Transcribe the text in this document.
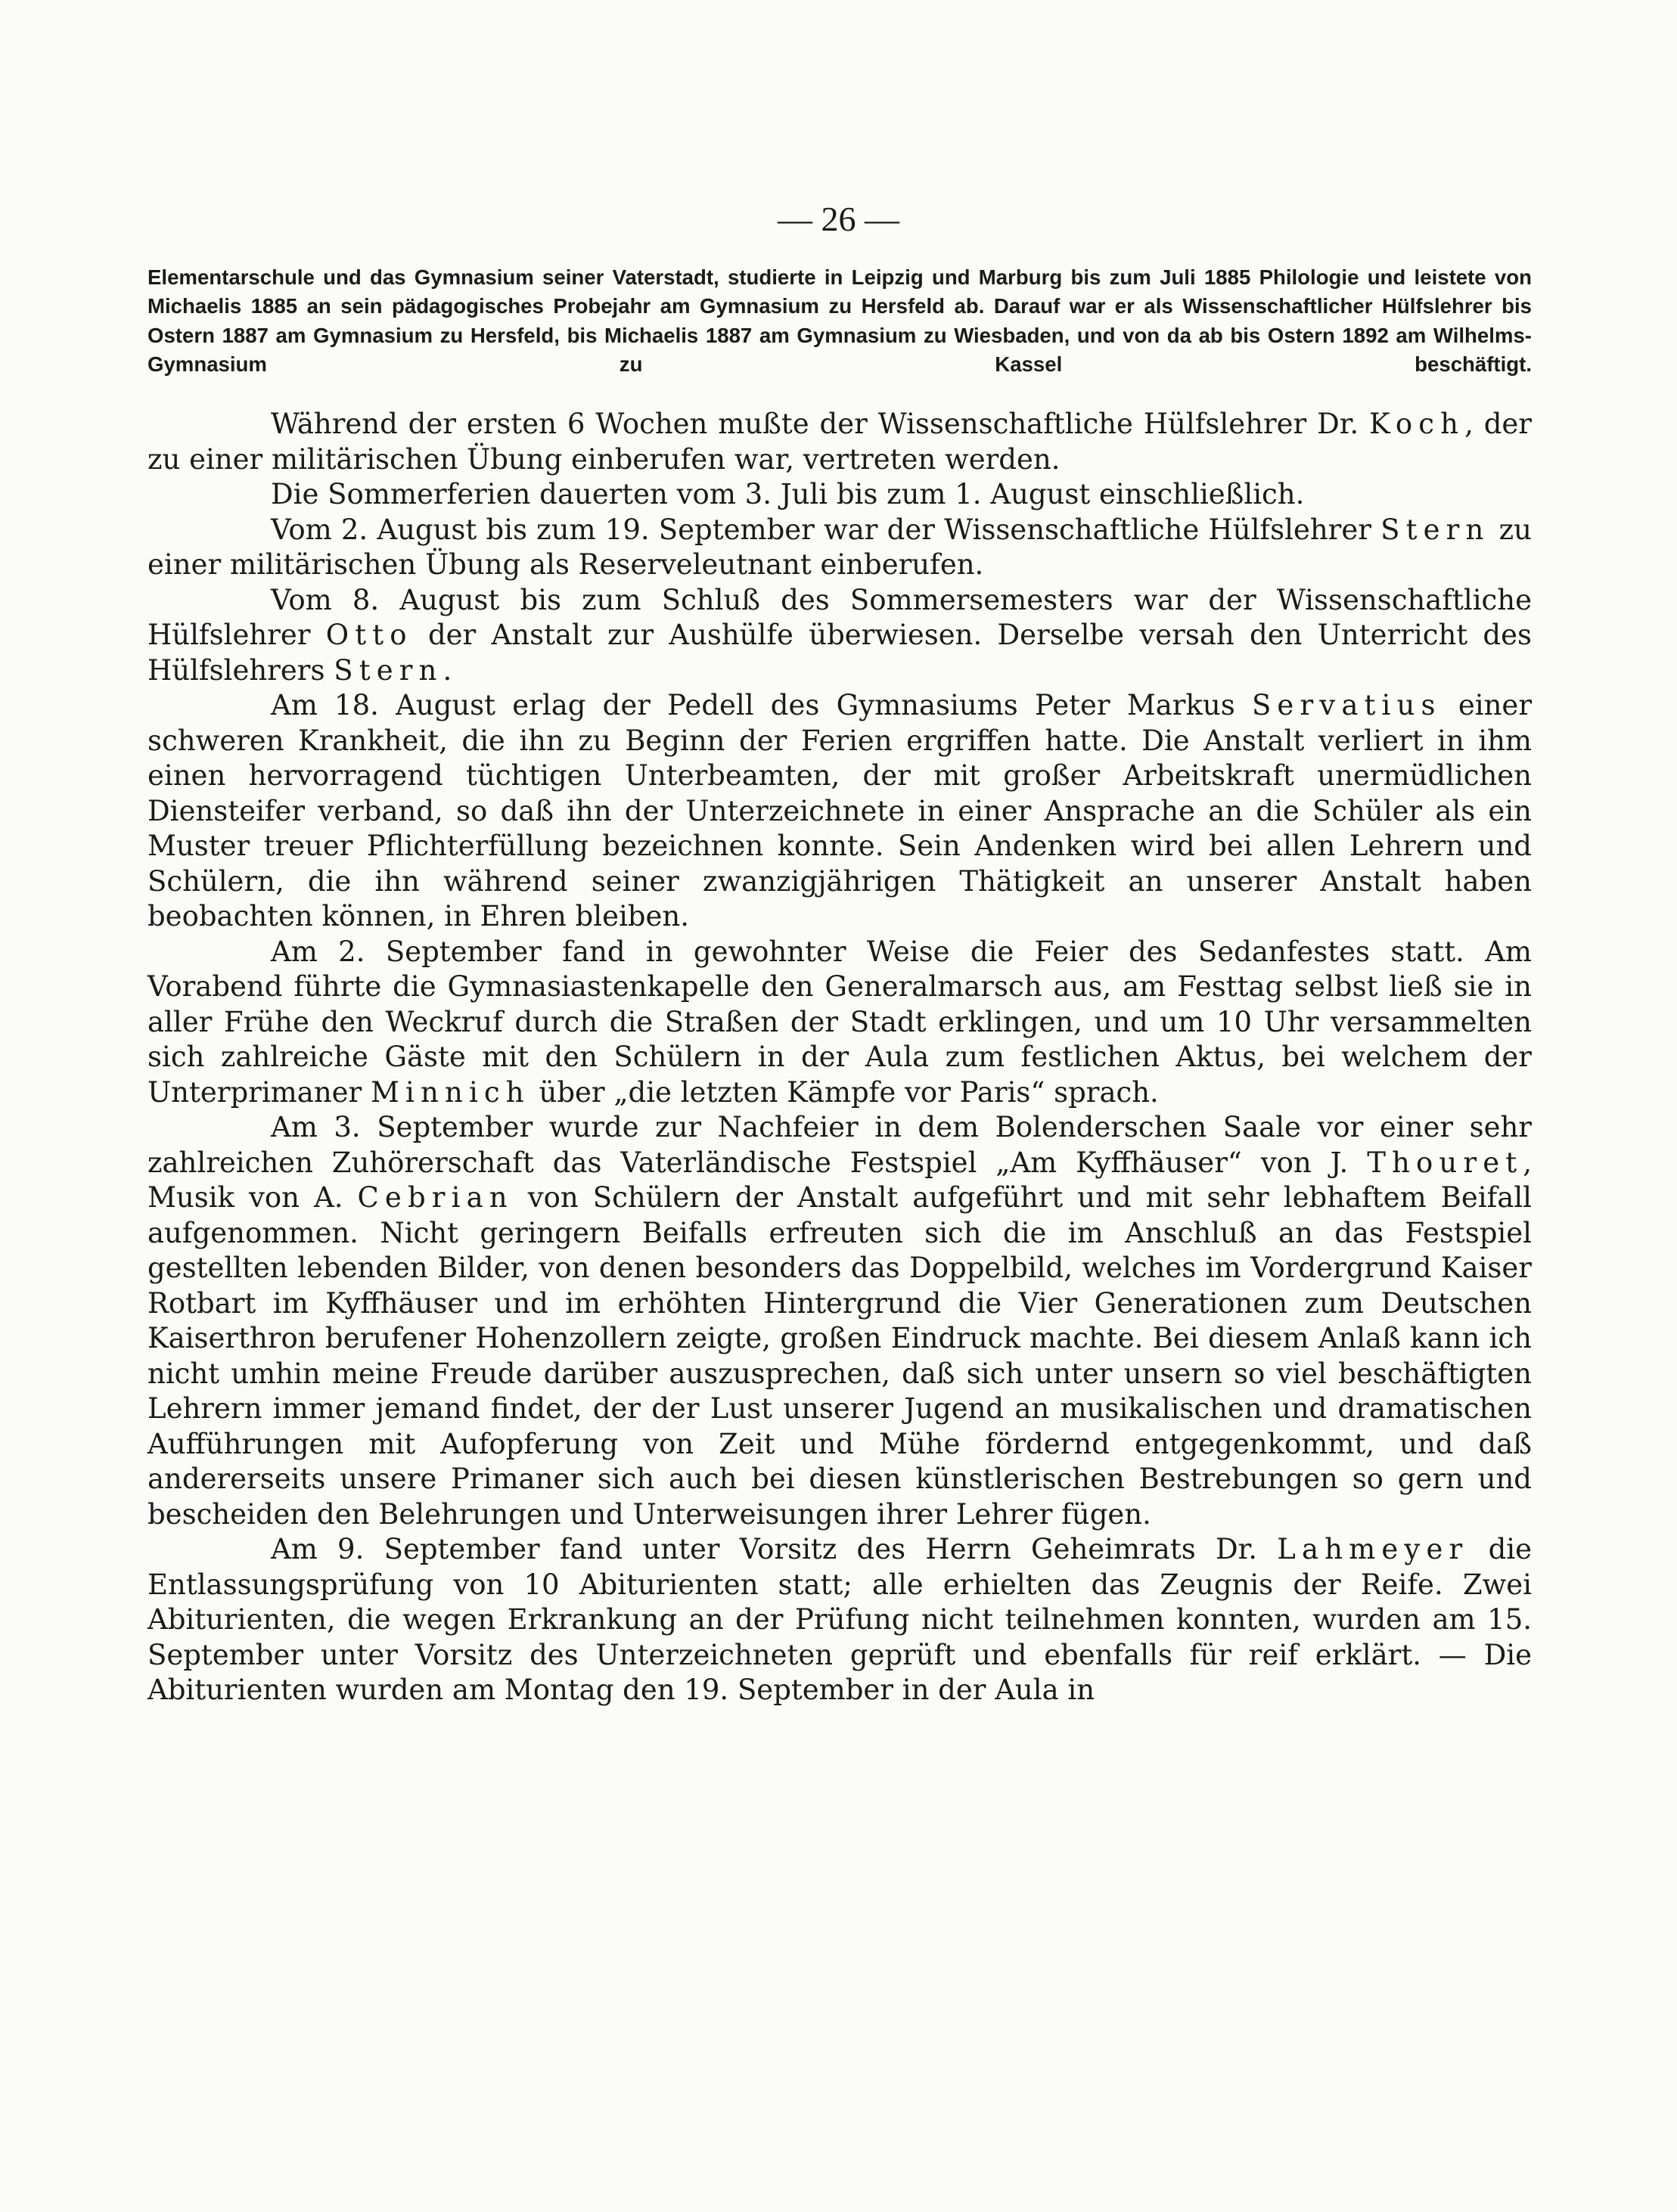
— 26 —
Elementarschule und das Gymnasium seiner Vaterstadt, studierte in Leipzig und Marburg bis zum Juli 1885 Philologie und leistete von Michaelis 1885 an sein pädagogisches Probejahr am Gymnasium zu Hersfeld ab. Darauf war er als Wissenschaftlicher Hülfslehrer bis Ostern 1887 am Gymnasium zu Hersfeld, bis Michaelis 1887 am Gymnasium zu Wiesbaden, und von da ab bis Ostern 1892 am Wilhelms-Gymnasium zu Kassel beschäftigt.

Während der ersten 6 Wochen mußte der Wissenschaftliche Hülfslehrer Dr. Koch, der zu einer militärischen Übung einberufen war, vertreten werden.

Die Sommerferien dauerten vom 3. Juli bis zum 1. August einschließlich.

Vom 2. August bis zum 19. September war der Wissenschaftliche Hülfslehrer Stern zu einer militärischen Übung als Reserveleutnant einberufen.

Vom 8. August bis zum Schluß des Sommersemesters war der Wissenschaftliche Hülfslehrer Otto der Anstalt zur Aushülfe überwiesen. Derselbe versah den Unterricht des Hülfslehrers Stern.

Am 18. August erlag der Pedell des Gymnasiums Peter Markus Servatius einer schweren Krankheit, die ihn zu Beginn der Ferien ergriffen hatte. Die Anstalt verliert in ihm einen hervorragend tüchtigen Unterbeamten, der mit großer Arbeitskraft unermüdlichen Diensteifer verband, so daß ihn der Unterzeichnete in einer Ansprache an die Schüler als ein Muster treuer Pflichterfüllung bezeichnen konnte. Sein Andenken wird bei allen Lehrern und Schülern, die ihn während seiner zwanzigjährigen Thätigkeit an unserer Anstalt haben beobachten können, in Ehren bleiben.

Am 2. September fand in gewohnter Weise die Feier des Sedanfestes statt. Am Vorabend führte die Gymnasiastenkapelle den Generalmarsch aus, am Festtag selbst ließ sie in aller Frühe den Weckruf durch die Straßen der Stadt erklingen, und um 10 Uhr versammelten sich zahlreiche Gäste mit den Schülern in der Aula zum festlichen Aktus, bei welchem der Unterprimaner Minnich über „die letzten Kämpfe vor Paris“ sprach.

Am 3. September wurde zur Nachfeier in dem Bolenderschen Saale vor einer sehr zahlreichen Zuhörerschaft das Vaterländische Festspiel „Am Kyffhäuser“ von J. Thouret, Musik von A. Cebrian von Schülern der Anstalt aufgeführt und mit sehr lebhaftem Beifall aufgenommen. Nicht geringern Beifalls erfreuten sich die im Anschluß an das Festspiel gestellten lebenden Bilder, von denen besonders das Doppelbild, welches im Vordergrund Kaiser Rotbart im Kyffhäuser und im erhöhten Hintergrund die Vier Generationen zum Deutschen Kaiserthron berufener Hohenzollern zeigte, großen Eindruck machte. Bei diesem Anlaß kann ich nicht umhin meine Freude darüber auszusprechen, daß sich unter unsern so viel beschäftigten Lehrern immer jemand findet, der der Lust unserer Jugend an musikalischen und dramatischen Aufführungen mit Aufopferung von Zeit und Mühe fördernd entgegenkommt, und daß andererseits unsere Primaner sich auch bei diesen künstlerischen Bestrebungen so gern und bescheiden den Belehrungen und Unterweisungen ihrer Lehrer fügen.

Am 9. September fand unter Vorsitz des Herrn Geheimrats Dr. Lahmeyer die Entlassungsprüfung von 10 Abiturienten statt; alle erhielten das Zeugnis der Reife. Zwei Abiturienten, die wegen Erkrankung an der Prüfung nicht teilnehmen konnten, wurden am 15. September unter Vorsitz des Unterzeichneten geprüft und ebenfalls für reif erklärt. — Die Abiturienten wurden am Montag den 19. September in der Aula in
